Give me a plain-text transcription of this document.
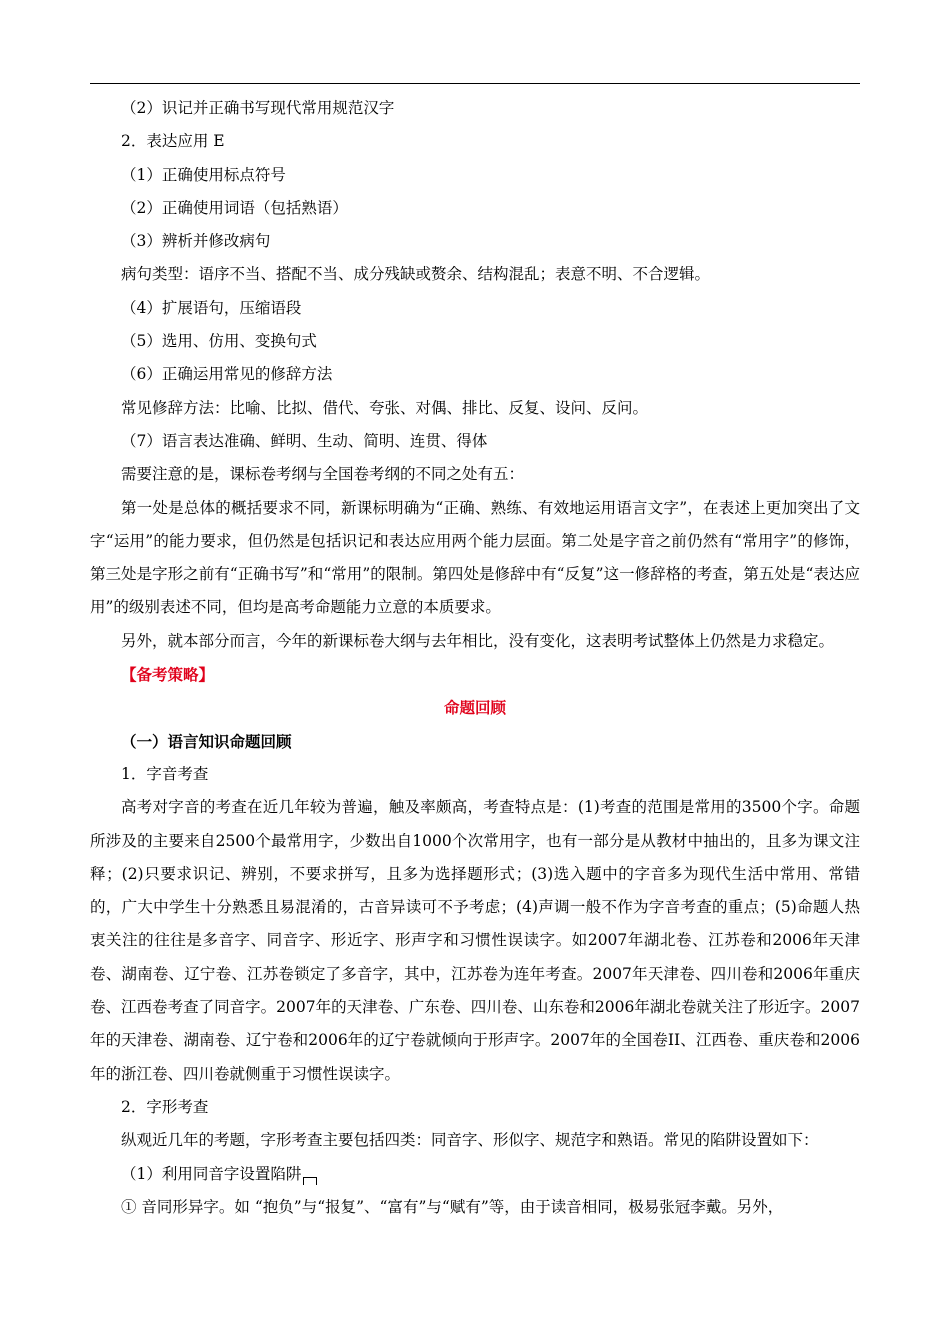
（2）识记并正确书写现代常用规范汉字

2．表达应用 E

（1）正确使用标点符号

（2）正确使用词语（包括熟语）

（3）辨析并修改病句

病句类型：语序不当、搭配不当、成分残缺或赘余、结构混乱；表意不明、不合逻辑。

（4）扩展语句，压缩语段

（5）选用、仿用、变换句式

（6）正确运用常见的修辞方法

常见修辞方法：比喻、比拟、借代、夸张、对偶、排比、反复、设问、反问。

（7）语言表达准确、鲜明、生动、简明、连贯、得体

需要注意的是，课标卷考纲与全国卷考纲的不同之处有五：

第一处是总体的概括要求不同，新课标明确为“正确、熟练、有效地运用语言文字”，在表述上更加突出了文字“运用”的能力要求，但仍然是包括识记和表达应用两个能力层面。第二处是字音之前仍然有“常用字”的修饰，第三处是字形之前有“正确书写”和“常用”的限制。第四处是修辞中有“反复”这一修辞格的考查，第五处是“表达应用”的级别表述不同，但均是高考命题能力立意的本质要求。

另外，就本部分而言，今年的新课标卷大纲与去年相比，没有变化，这表明考试整体上仍然是力求稳定。

【备考策略】

命题回顾

（一）语言知识命题回顾

1．字音考查

高考对字音的考查在近几年较为普遍，触及率颇高，考查特点是：(1)考查的范围是常用的3500个字。命题所涉及的主要来自2500个最常用字，少数出自1000个次常用字，也有一部分是从教材中抽出的，且多为课文注释；(2)只要求识记、辨别，不要求拼写，且多为选择题形式；(3)选入题中的字音多为现代生活中常用、常错的，广大中学生十分熟悉且易混淆的，古音异读可不予考虑；(4)声调一般不作为字音考查的重点；(5)命题人热衷关注的往往是多音字、同音字、形近字、形声字和习惯性误读字。如2007年湖北卷、江苏卷和2006年天津卷、湖南卷、辽宁卷、江苏卷锁定了多音字，其中，江苏卷为连年考查。2007年天津卷、四川卷和2006年重庆卷、江西卷考查了同音字。2007年的天津卷、广东卷、四川卷、山东卷和2006年湖北卷就关注了形近字。2007年的天津卷、湖南卷、辽宁卷和2006年的辽宁卷就倾向于形声字。2007年的全国卷II、江西卷、重庆卷和2006年的浙江卷、四川卷就侧重于习惯性误读字。

2．字形考查

纵观近几年的考题，字形考查主要包括四类：同音字、形似字、规范字和熟语。常见的陷阱设置如下：

（1）利用同音字设置陷阱

① 音同形异字。如 “抱负”与“报复”、“富有”与“赋有”等，由于读音相同，极易张冠李戴。另外，
